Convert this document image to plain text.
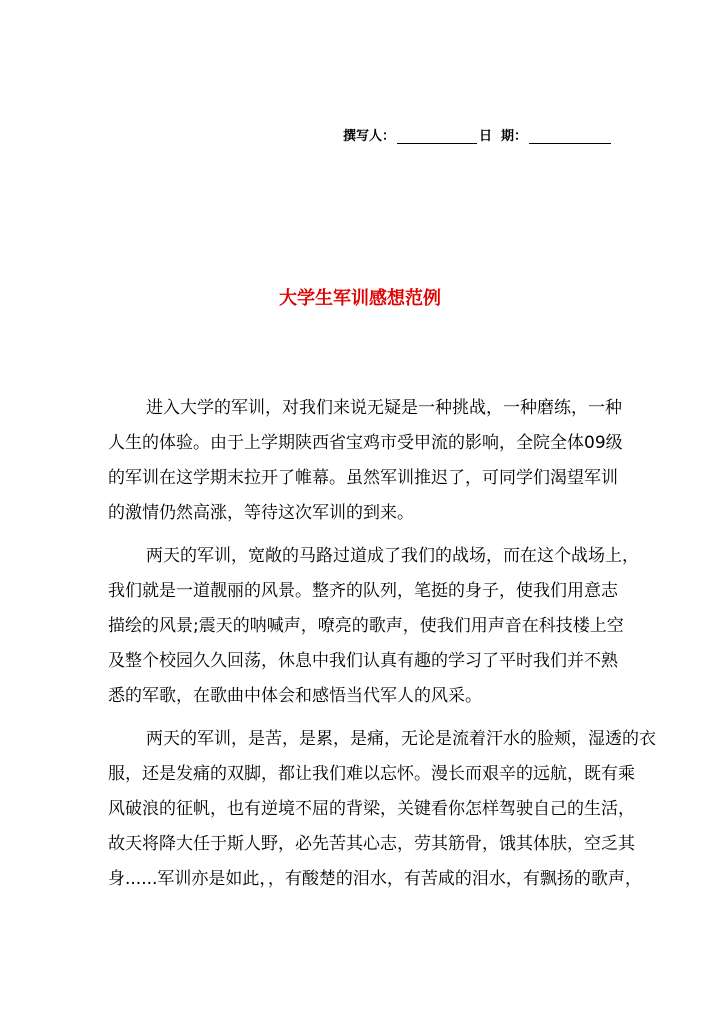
撰写人：	日  期：
大学生军训感想范例
进入大学的军训，对我们来说无疑是一种挑战，一种磨练，一种
人生的体验。由于上学期陕西省宝鸡市受甲流的影响，全院全体09级
的军训在这学期末拉开了帷幕。虽然军训推迟了，可同学们渴望军训
的激情仍然高涨，等待这次军训的到来。
两天的军训，宽敞的马路过道成了我们的战场，而在这个战场上，
我们就是一道靓丽的风景。整齐的队列，笔挺的身子，使我们用意志
描绘的风景;震天的呐喊声，嘹亮的歌声，使我们用声音在科技楼上空
及整个校园久久回荡，休息中我们认真有趣的学习了平时我们并不熟
悉的军歌，在歌曲中体会和感悟当代军人的风采。
两天的军训，是苦，是累，是痛，无论是流着汗水的脸颊，湿透的衣
服，还是发痛的双脚，都让我们难以忘怀。漫长而艰辛的远航，既有乘
风破浪的征帆，也有逆境不屈的背梁，关键看你怎样驾驶自己的生活，
故天将降大任于斯人野，必先苦其心志，劳其筋骨，饿其体肤，空乏其
身......军训亦是如此，，有酸楚的泪水，有苦咸的泪水，有飘扬的歌声，
